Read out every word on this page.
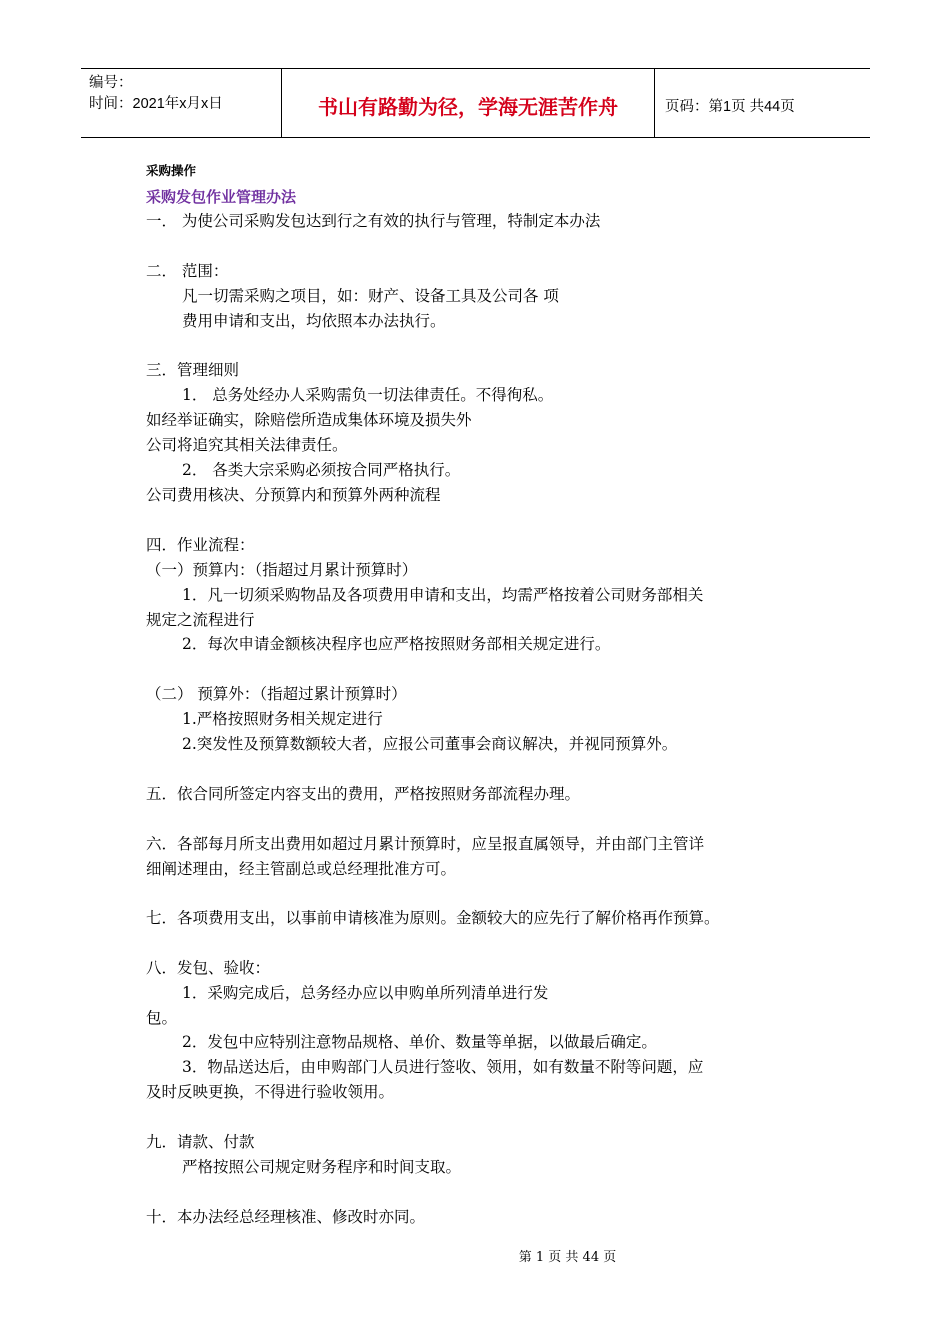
编号：
时间：2021年x月x日	书山有路勤为径，学海无涯苦作舟	页码：第1页 共44页
采购操作
采购发包作业管理办法
一． 为使公司采购发包达到行之有效的执行与管理，特制定本办法
二． 范围：
凡一切需采购之项目，如：财产、设备工具及公司各 项
费用申请和支出，均依照本办法执行。
三．管理细则
1． 总务处经办人采购需负一切法律责任。不得徇私。
如经举证确实，除赔偿所造成集体环境及损失外
公司将追究其相关法律责任。
2． 各类大宗采购必须按合同严格执行。
公司费用核决、分预算内和预算外两种流程
四．作业流程：
（一）预算内：（指超过月累计预算时）
1．凡一切须采购物品及各项费用申请和支出，均需严格按着公司财务部相关
规定之流程进行
2．每次申请金额核决程序也应严格按照财务部相关规定进行。
（二） 预算外：（指超过累计预算时）
1.严格按照财务相关规定进行
2.突发性及预算数额较大者，应报公司董事会商议解决，并视同预算外。
五．依合同所签定内容支出的费用，严格按照财务部流程办理。
六．各部每月所支出费用如超过月累计预算时，应呈报直属领导，并由部门主管详
细阐述理由，经主管副总或总经理批准方可。
七．各项费用支出，以事前申请核准为原则。金额较大的应先行了解价格再作预算。
八．发包、验收：
1．采购完成后，总务经办应以申购单所列清单进行发
包。
2．发包中应特别注意物品规格、单价、数量等单据，以做最后确定。
3．物品送达后，由申购部门人员进行签收、领用，如有数量不附等问题，应
及时反映更换，不得进行验收领用。
九．请款、付款
严格按照公司规定财务程序和时间支取。
十．本办法经总经理核准、修改时亦同。
第 1 页 共 44 页
